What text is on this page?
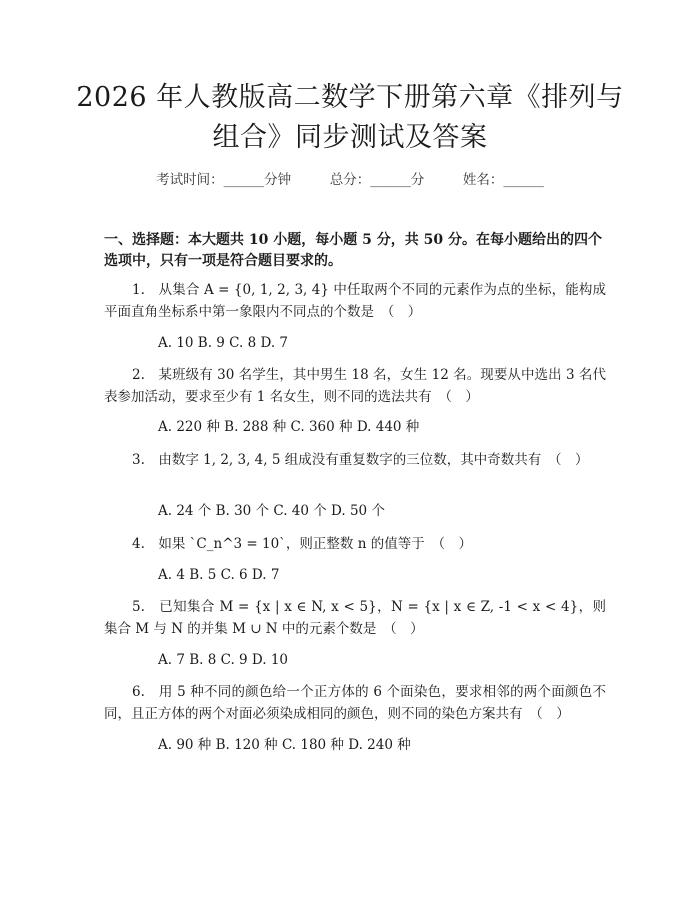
2026 年人教版高二数学下册第六章《排列与
组合》同步测试及答案
考试时间：______分钟	总分：______分	姓名：______

一、选择题：本大题共 10 小题，每小题 5 分，共 50 分。在每小题给出的四个选项中，只有一项是符合题目要求的。

1.　从集合 A = {0, 1, 2, 3, 4} 中任取两个不同的元素作为点的坐标，能构成平面直角坐标系中第一象限内不同点的个数是　（　）

A. 10 B. 9 C. 8 D. 7

2.　某班级有 30 名学生，其中男生 18 名，女生 12 名。现要从中选出 3 名代表参加活动，要求至少有 1 名女生，则不同的选法共有　（　）

A. 220 种 B. 288 种 C. 360 种 D. 440 种

3.　由数字 1, 2, 3, 4, 5 组成没有重复数字的三位数，其中奇数共有　（　）

A. 24 个 B. 30 个 C. 40 个 D. 50 个

4.　如果 `C_n^3 = 10`，则正整数 n 的值等于　（　）

A. 4 B. 5 C. 6 D. 7

5.　已知集合 M = {x | x ∈ N, x < 5}，N = {x | x ∈ Z, -1 < x < 4}，则集合 M 与 N 的并集 M ∪ N 中的元素个数是　（　）

A. 7 B. 8 C. 9 D. 10

6.　用 5 种不同的颜色给一个正方体的 6 个面染色，要求相邻的两个面颜色不同，且正方体的两个对面必须染成相同的颜色，则不同的染色方案共有　（　）

A. 90 种 B. 120 种 C. 180 种 D. 240 种
